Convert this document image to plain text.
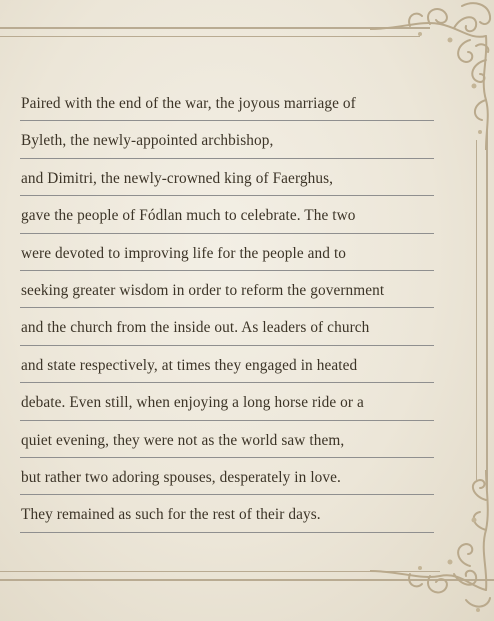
Paired with the end of the war, the joyous marriage of
Byleth, the newly-appointed archbishop,
and Dimitri, the newly-crowned king of Faerghus,
gave the people of Fódlan much to celebrate. The two
were devoted to improving life for the people and to
seeking greater wisdom in order to reform the government
and the church from the inside out. As leaders of church
and state respectively, at times they engaged in heated
debate. Even still, when enjoying a long horse ride or a
quiet evening, they were not as the world saw them,
but rather two adoring spouses, desperately in love.
They remained as such for the rest of their days.
